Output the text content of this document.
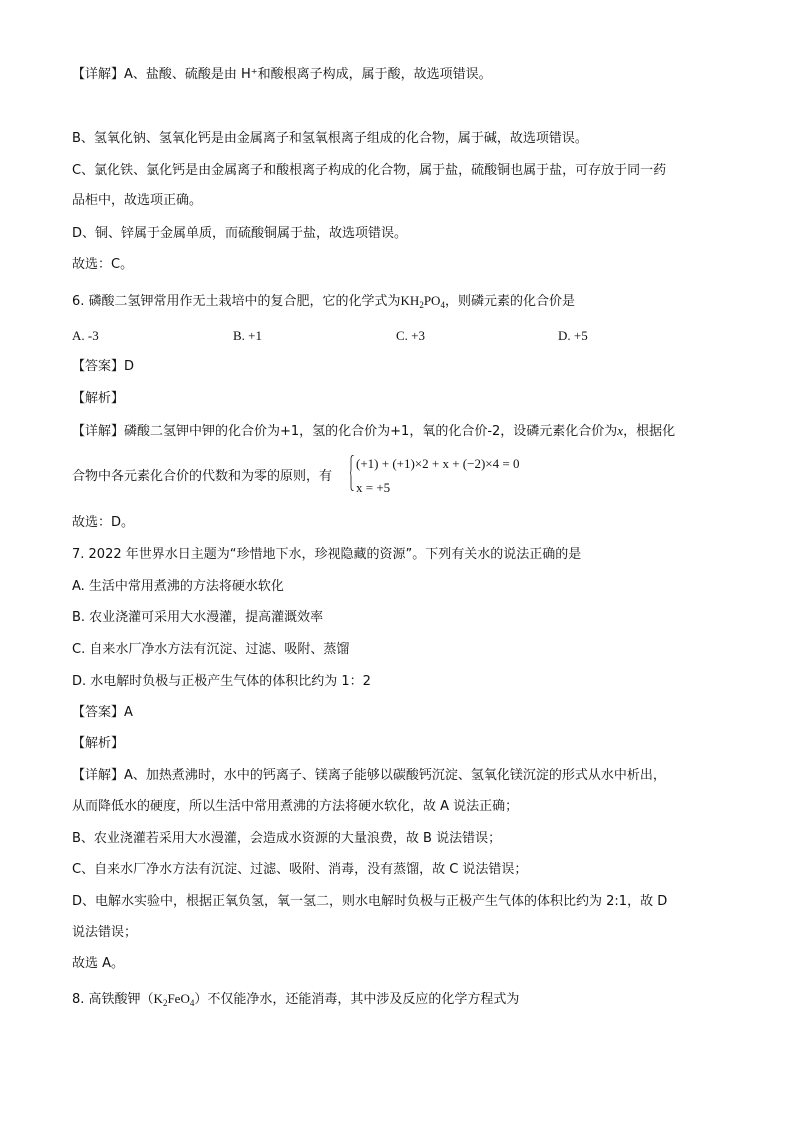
【详解】A、盐酸、硫酸是由 H⁺和酸根离子构成，属于酸，故选项错误。
B、氢氧化钠、氢氧化钙是由金属离子和氢氧根离子组成的化合物，属于碱，故选项错误。
C、氯化铁、氯化钙是由金属离子和酸根离子构成的化合物，属于盐，硫酸铜也属于盐，可存放于同一药
品柜中，故选项正确。
D、铜、锌属于金属单质，而硫酸铜属于盐，故选项错误。
故选：C。
6. 磷酸二氢钾常用作无土栽培中的复合肥，它的化学式为$KH_2PO_4$，则磷元素的化合价是
A. -3	B. +1	C. +3	D. +5
【答案】D
【解析】
【详解】磷酸二氢钾中钾的化合价为+1，氢的化合价为+1，氧的化合价-2，设磷元素化合价为x，根据化
合物中各元素化合价的代数和为零的原则，有
(+1) + (+1)×2 + x + (−2)×4 = 0
x = +5
故选：D。
7. 2022 年世界水日主题为“珍惜地下水，珍视隐藏的资源”。下列有关水的说法正确的是
A. 生活中常用煮沸的方法将硬水软化
B. 农业浇灌可采用大水漫灌，提高灌溉效率
C. 自来水厂净水方法有沉淀、过滤、吸附、蒸馏
D. 水电解时负极与正极产生气体的体积比约为 1：2
【答案】A
【解析】
【详解】A、加热煮沸时，水中的钙离子、镁离子能够以碳酸钙沉淀、氢氧化镁沉淀的形式从水中析出，
从而降低水的硬度，所以生活中常用煮沸的方法将硬水软化，故 A 说法正确；
B、农业浇灌若采用大水漫灌，会造成水资源的大量浪费，故 B 说法错误；
C、自来水厂净水方法有沉淀、过滤、吸附、消毒，没有蒸馏，故 C 说法错误；
D、电解水实验中，根据正氧负氢，氧一氢二，则水电解时负极与正极产生气体的体积比约为 2:1，故 D
说法错误；
故选 A。
8. 高铁酸钾$(K_2FeO_4)$不仅能净水，还能消毒，其中涉及反应的化学方程式为
